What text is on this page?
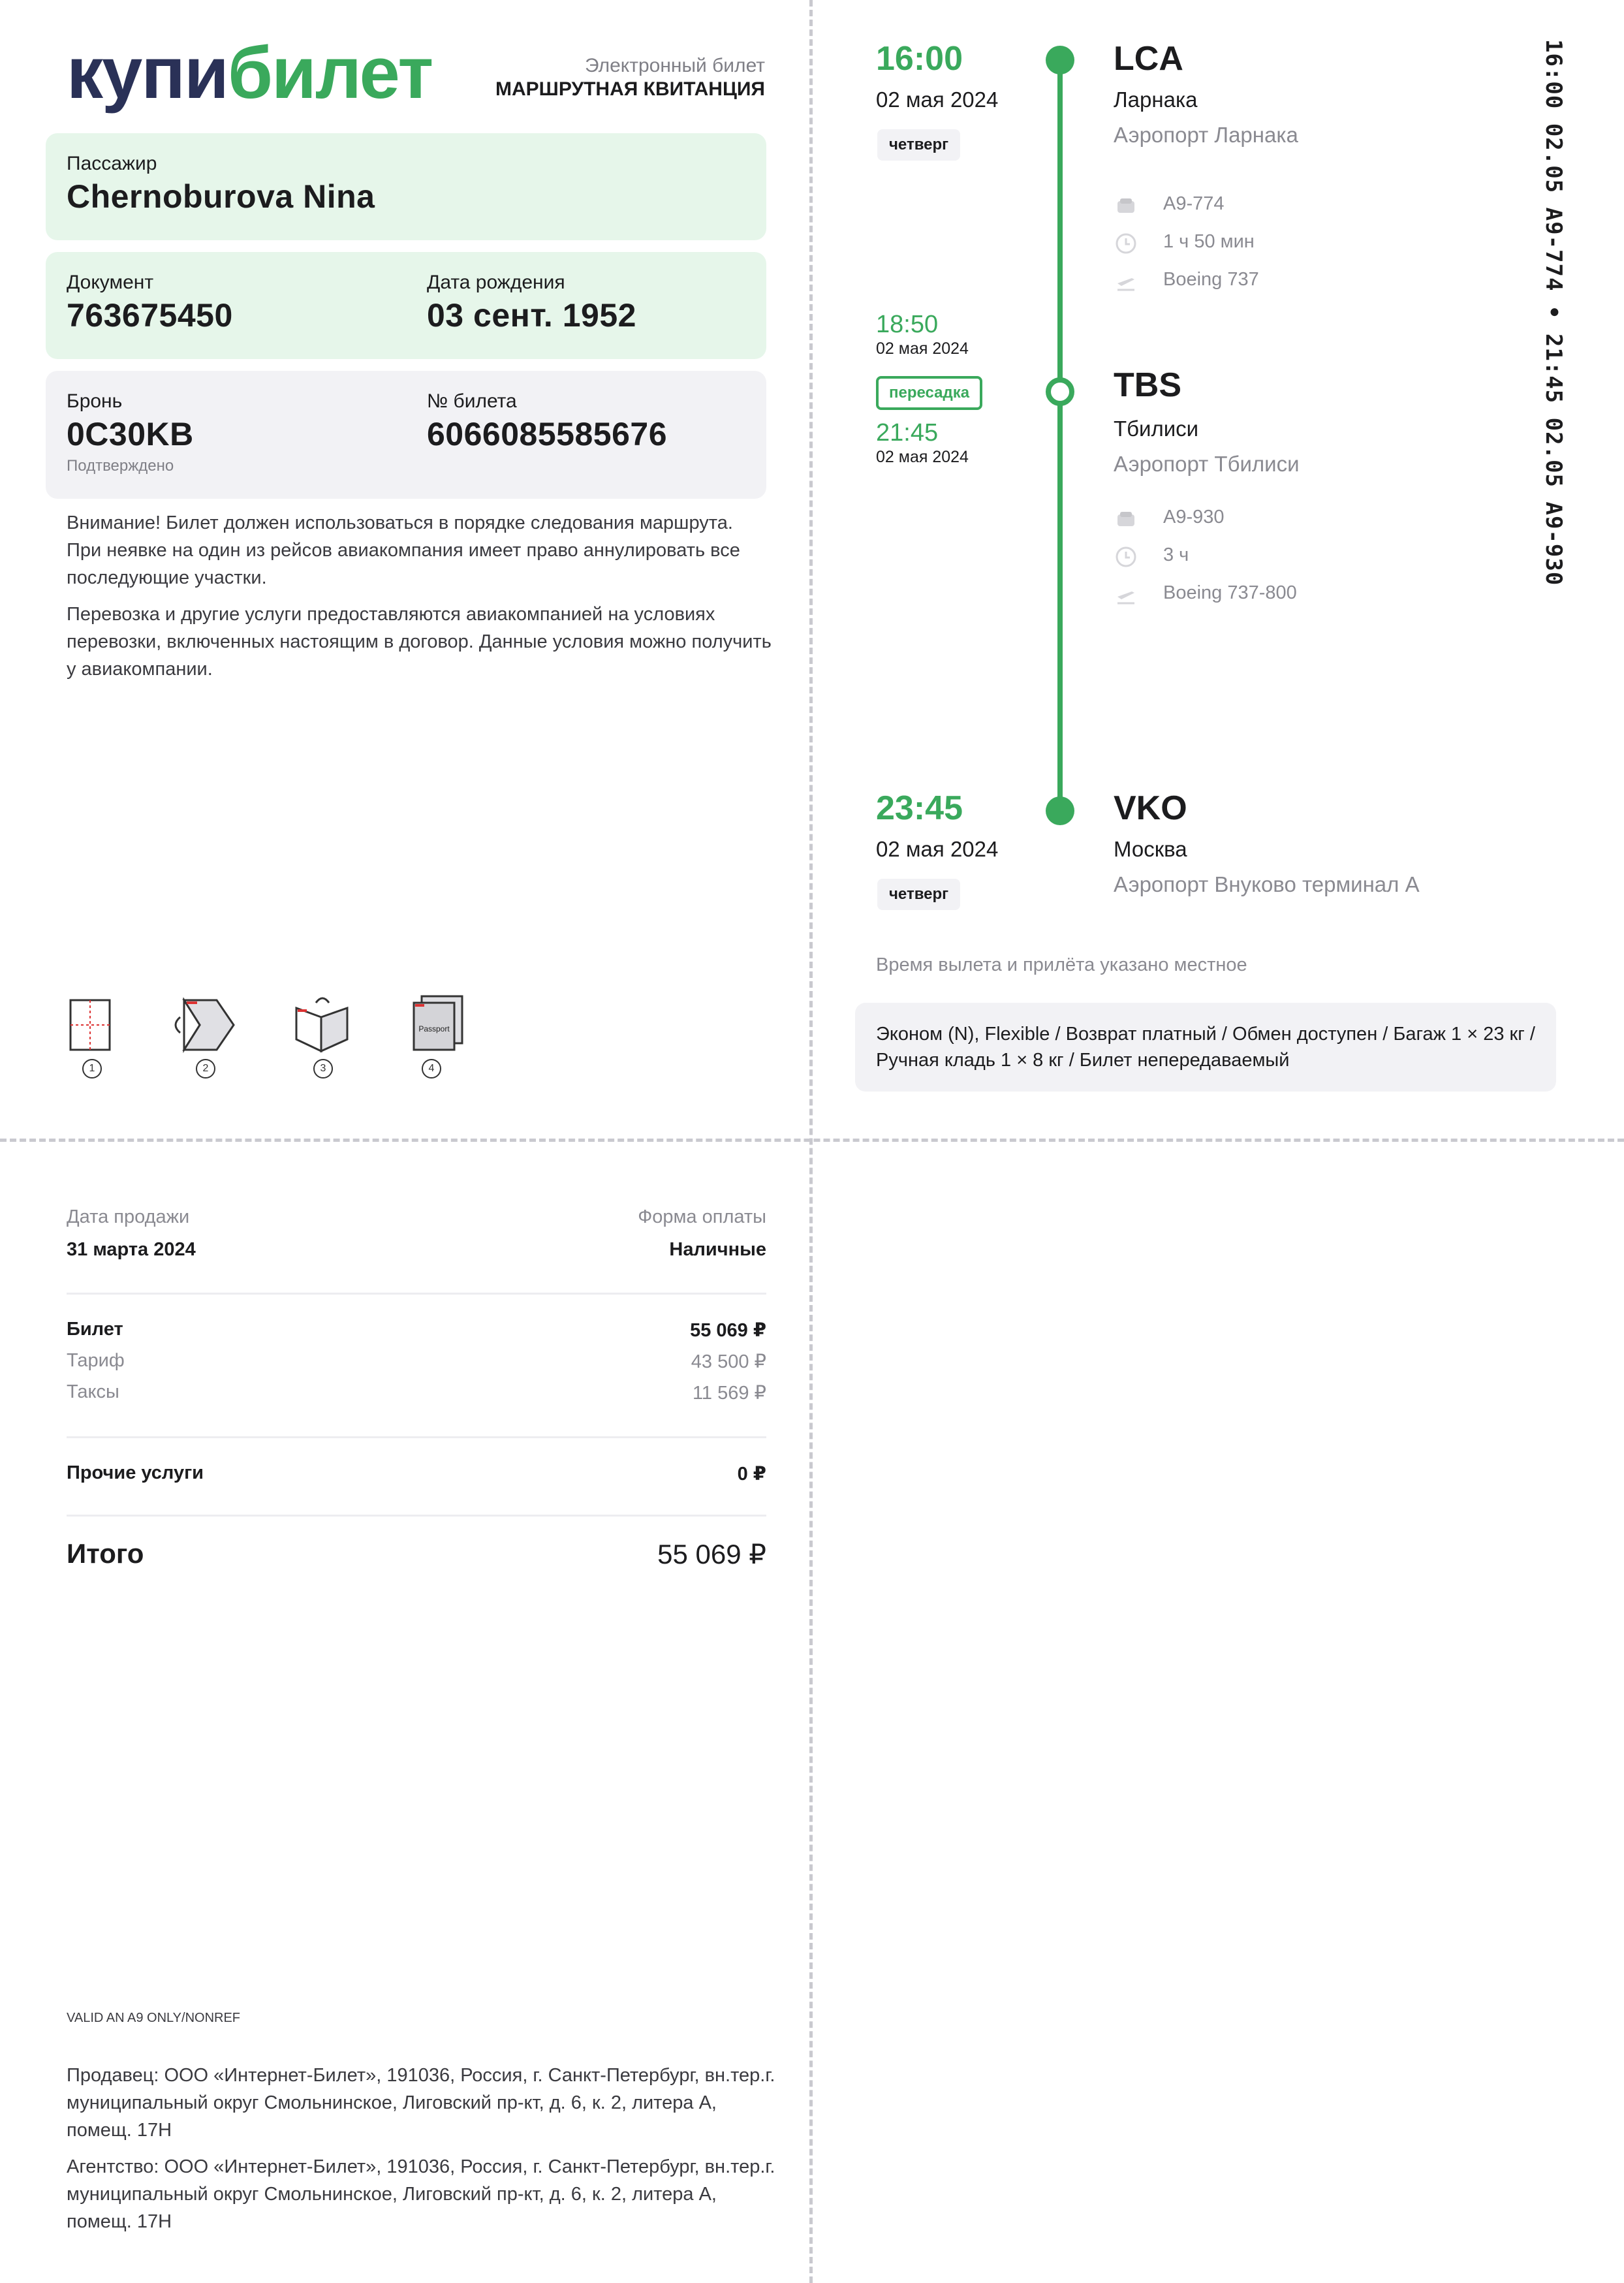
купибилет	Электронный билет
МАРШРУТНАЯ КВИТАНЦИЯ
Пассажир
Chernoburova Nina
Документ
763675450
Дата рождения
03 сент. 1952
Бронь
0C30KB
Подтверждено
№ билета
6066085585676
Внимание! Билет должен использоваться в порядке следования маршрута. При неявке на один из рейсов авиакомпания имеет право аннулировать все последующие участки.
Перевозка и другие услуги предоставляются авиакомпанией на условиях перевозки, включенных настоящим в договор. Данные условия можно получить у авиакомпании.
1	2	3
Passport
4
16:00
02 мая 2024
четверг
LCA
Ларнака
Аэропорт Ларнака
A9-774
1 ч 50 мин
Boeing 737
18:50
02 мая 2024
пересадка
21:45
02 мая 2024
TBS
Тбилиси
Аэропорт Тбилиси
A9-930
3 ч
Boeing 737-800
23:45
02 мая 2024
четверг
VKO
Москва
Аэропорт Внуково терминал А
Время вылета и прилёта указано местное
Эконом (N), Flexible / Возврат платный / Обмен доступен / Багаж 1 × 23 кг / Ручная кладь 1 × 8 кг / Билет непередаваемый
16:00 02.05 A9-774 • 21:45 02.05 A9-930
Дата продажи
31 марта 2024
Форма оплаты
Наличные
Билет	55 069 ₽
Тариф	43 500 ₽
Таксы	11 569 ₽
Прочие услуги	0 ₽
Итого	55 069 ₽
VALID AN A9 ONLY/NONREF
Продавец: ООО «Интернет-Билет», 191036, Россия, г. Санкт-Петербург, вн.тер.г. муниципальный округ Смольнинское, Лиговский пр-кт, д. 6, к. 2, литера А, помещ. 17Н
Агентство: ООО «Интернет-Билет», 191036, Россия, г. Санкт-Петербург, вн.тер.г. муниципальный округ Смольнинское, Лиговский пр-кт, д. 6, к. 2, литера А, помещ. 17Н
